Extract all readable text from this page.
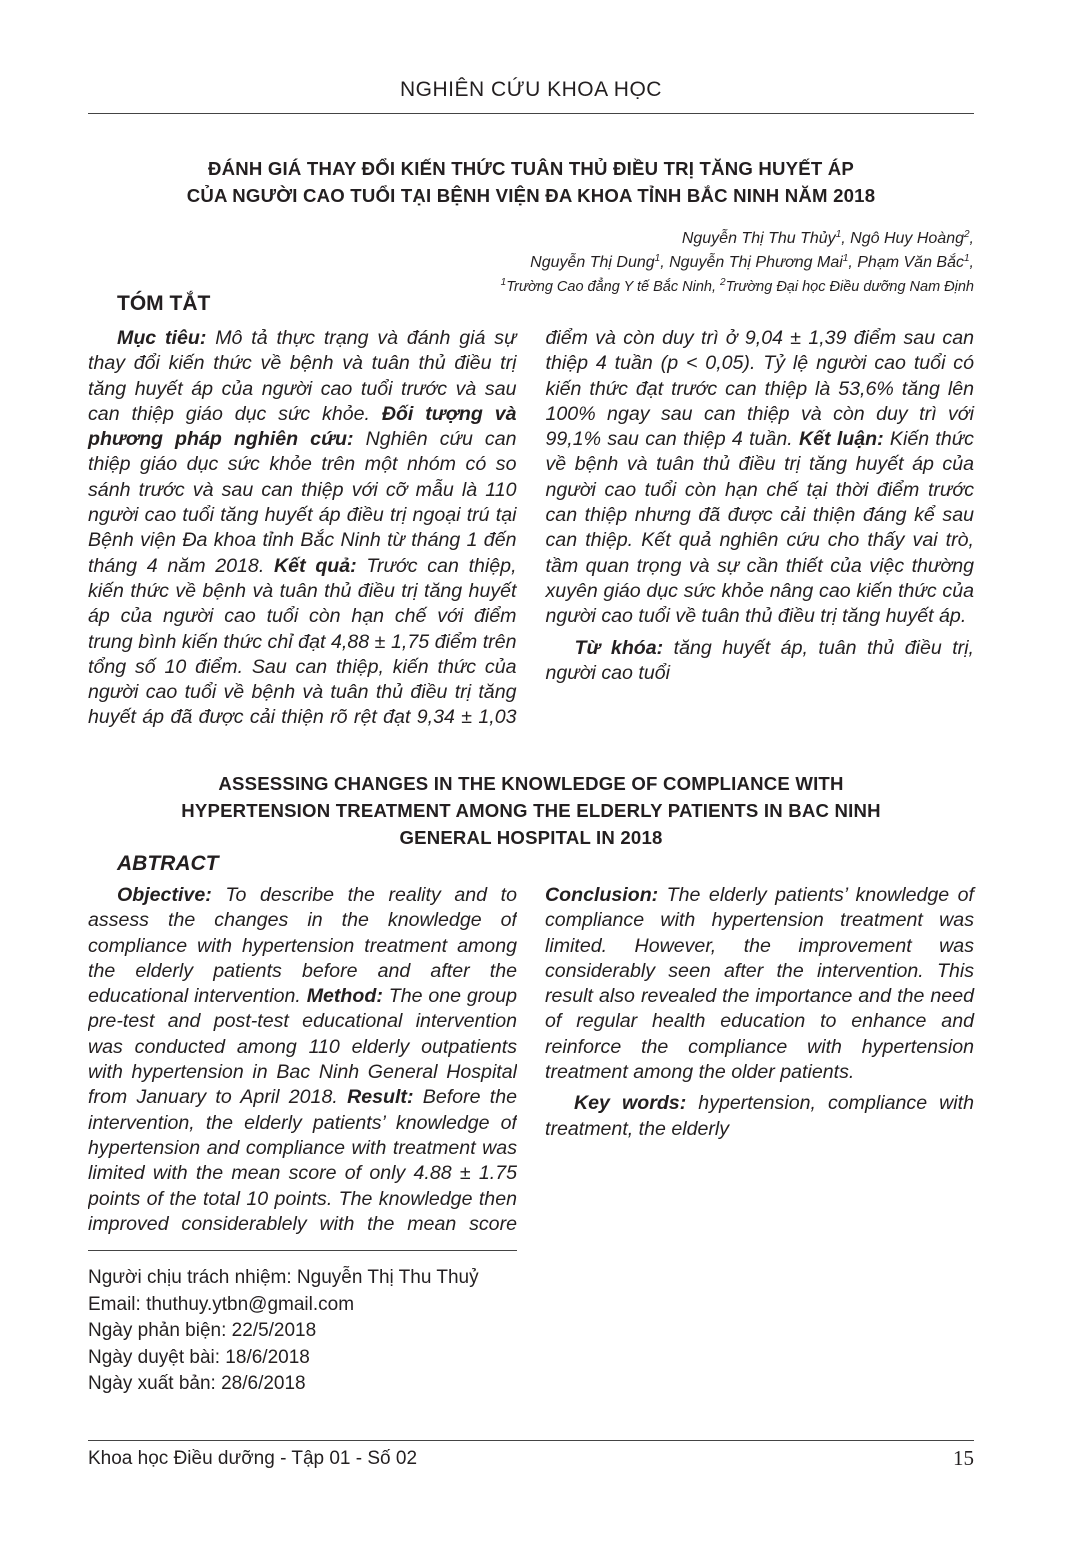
NGHIÊN CỨU KHOA HỌC
ĐÁNH GIÁ THAY ĐỔI KIẾN THỨC TUÂN THỦ ĐIỀU TRỊ TĂNG HUYẾT ÁP
CỦA NGƯỜI CAO TUỔI TẠI BỆNH VIỆN ĐA KHOA TỈNH BẮC NINH NĂM 2018
Nguyễn Thị Thu Thủy$^1$, Ngô Huy Hoàng$^2$,
Nguyễn Thị Dung$^1$, Nguyễn Thị Phương Mai$^1$, Phạm Văn Bắc$^1$,
$^1$Trường Cao đẳng Y tế Bắc Ninh, $^2$Trường Đại học Điều dưỡng Nam Định
TÓM TẮT

Mục tiêu: Mô tả thực trạng và đánh giá sự thay đổi kiến thức về bệnh và tuân thủ điều trị tăng huyết áp của người cao tuổi trước và sau can thiệp giáo dục sức khỏe. Đối tượng và phương pháp nghiên cứu: Nghiên cứu can thiệp giáo dục sức khỏe trên một nhóm có so sánh trước và sau can thiệp với cỡ mẫu là 110 người cao tuổi tăng huyết áp điều trị ngoại trú tại Bệnh viện Đa khoa tỉnh Bắc Ninh từ tháng 1 đến tháng 4 năm 2018. Kết quả: Trước can thiệp, kiến thức về bệnh và tuân thủ điều trị tăng huyết áp của người cao tuổi còn hạn chế với điểm trung bình kiến thức chỉ đạt 4,88 ± 1,75 điểm trên tổng số 10 điểm. Sau can thiệp, kiến thức của người cao tuổi về bệnh và tuân thủ điều trị tăng huyết áp đã được cải thiện rõ rệt đạt 9,34 ± 1,03 điểm và còn duy trì ở 9,04 ± 1,39 điểm sau can thiệp 4 tuần (p < 0,05). Tỷ lệ người cao tuổi có kiến thức đạt trước can thiệp là 53,6% tăng lên 100% ngay sau can thiệp và còn duy trì với 99,1% sau can thiệp 4 tuần. Kết luận: Kiến thức về bệnh và tuân thủ điều trị tăng huyết áp của người cao tuổi còn hạn chế tại thời điểm trước can thiệp nhưng đã được cải thiện đáng kể sau can thiệp. Kết quả nghiên cứu cho thấy vai trò, tầm quan trọng và sự cần thiết của việc thường xuyên giáo dục sức khỏe nâng cao kiến thức của người cao tuổi về tuân thủ điều trị tăng huyết áp.

Từ khóa: tăng huyết áp, tuân thủ điều trị, người cao tuổi

ASSESSING CHANGES IN THE KNOWLEDGE OF COMPLIANCE WITH
HYPERTENSION TREATMENT AMONG THE ELDERLY PATIENTS IN BAC NINH
GENERAL HOSPITAL IN 2018
ABTRACT

Objective: To describe the reality and to assess the changes in the knowledge of compliance with hypertension treatment among the elderly patients before and after the educational intervention. Method: The one group pre-test and post-test educational intervention was conducted among 110 elderly outpatients with hypertension in Bac Ninh General Hospital from January to April 2018. Result: Before the intervention, the elderly patients’ knowledge of hypertension and compliance with treatment was limited with the mean score of only 4.88 ± 1.75 points of the total 10 points. The knowledge then improved considerablely with the mean score

Conclusion: The elderly patients’ knowledge of compliance with hypertension treatment was limited. However, the improvement was considerably seen after the intervention. This result also revealed the importance and the need of regular health education to enhance and reinforce the compliance with hypertension treatment among the older patients.

Key words: hypertension, compliance with treatment, the elderly

Người chịu trách nhiệm: Nguyễn Thị Thu Thuỷ
Email: thuthuy.ytbn@gmail.com
Ngày phản biện: 22/5/2018
Ngày duyệt bài: 18/6/2018
Ngày xuất bản: 28/6/2018
Khoa học Điều dưỡng - Tập 01 - Số 02	15
